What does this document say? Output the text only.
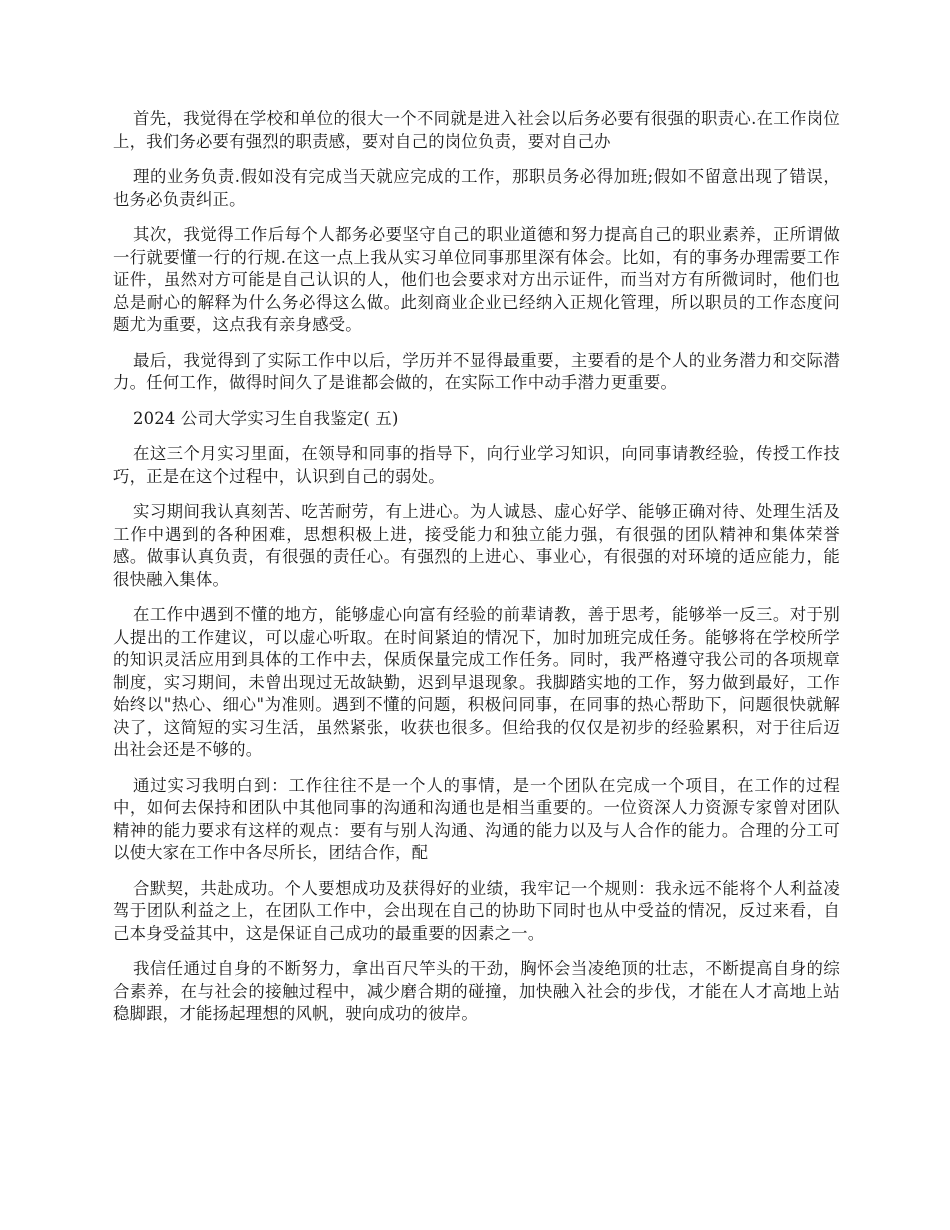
首先，我觉得在学校和单位的很大一个不同就是进入社会以后务必要有很强的职责心.在工作岗位上，我们务必要有强烈的职责感，要对自己的岗位负责，要对自己办

理的业务负责.假如没有完成当天就应完成的工作，那职员务必得加班;假如不留意出现了错误，也务必负责纠正。

其次，我觉得工作后每个人都务必要坚守自己的职业道德和努力提高自己的职业素养，正所谓做一行就要懂一行的行规.在这一点上我从实习单位同事那里深有体会。比如，有的事务办理需要工作证件，虽然对方可能是自己认识的人，他们也会要求对方出示证件，而当对方有所微词时，他们也总是耐心的解释为什么务必得这么做。此刻商业企业已经纳入正规化管理，所以职员的工作态度问题尤为重要，这点我有亲身感受。

最后，我觉得到了实际工作中以后，学历并不显得最重要，主要看的是个人的业务潜力和交际潜力。任何工作，做得时间久了是谁都会做的，在实际工作中动手潜力更重要。

2024 公司大学实习生自我鉴定( 五)

在这三个月实习里面，在领导和同事的指导下，向行业学习知识，向同事请教经验，传授工作技巧，正是在这个过程中，认识到自己的弱处。

实习期间我认真刻苦、吃苦耐劳，有上进心。为人诚恳、虚心好学、能够正确对待、处理生活及工作中遇到的各种困难，思想积极上进，接受能力和独立能力强，有很强的团队精神和集体荣誉感。做事认真负责，有很强的责任心。有强烈的上进心、事业心，有很强的对环境的适应能力，能很快融入集体。

在工作中遇到不懂的地方，能够虚心向富有经验的前辈请教，善于思考，能够举一反三。对于别人提出的工作建议，可以虚心听取。在时间紧迫的情况下，加时加班完成任务。能够将在学校所学的知识灵活应用到具体的工作中去，保质保量完成工作任务。同时，我严格遵守我公司的各项规章制度，实习期间，未曾出现过无故缺勤，迟到早退现象。我脚踏实地的工作，努力做到最好，工作始终以"热心、细心"为准则。遇到不懂的问题，积极问同事，在同事的热心帮助下，问题很快就解决了，这简短的实习生活，虽然紧张，收获也很多。但给我的仅仅是初步的经验累积，对于往后迈出社会还是不够的。

通过实习我明白到：工作往往不是一个人的事情，是一个团队在完成一个项目，在工作的过程中，如何去保持和团队中其他同事的沟通和沟通也是相当重要的。一位资深人力资源专家曾对团队精神的能力要求有这样的观点：要有与别人沟通、沟通的能力以及与人合作的能力。合理的分工可以使大家在工作中各尽所长，团结合作，配

合默契，共赴成功。个人要想成功及获得好的业绩，我牢记一个规则：我永远不能将个人利益凌驾于团队利益之上，在团队工作中，会出现在自己的协助下同时也从中受益的情况，反过来看，自己本身受益其中，这是保证自己成功的最重要的因素之一。

我信任通过自身的不断努力，拿出百尺竿头的干劲，胸怀会当凌绝顶的壮志，不断提高自身的综合素养，在与社会的接触过程中，减少磨合期的碰撞，加快融入社会的步伐，才能在人才高地上站稳脚跟，才能扬起理想的风帆，驶向成功的彼岸。
